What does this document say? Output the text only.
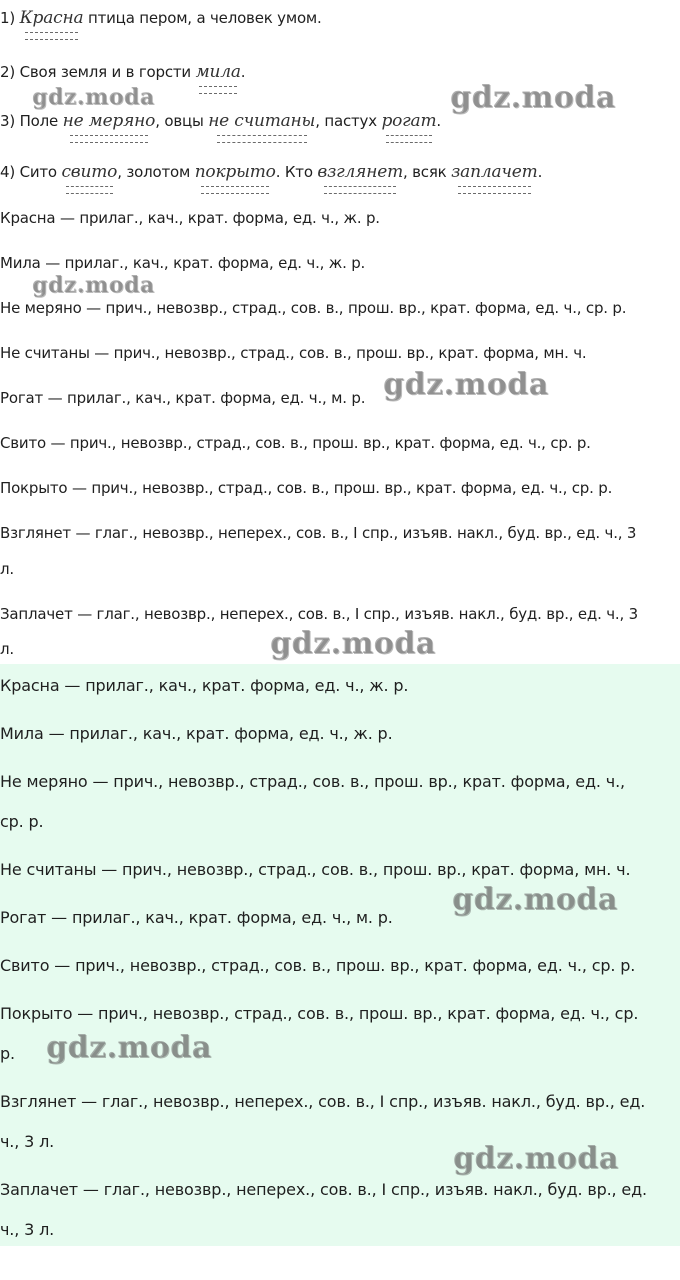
1) Красна птица пером, а человек умом.
2) Своя земля и в горсти мила.
3) Поле не меряно, овцы не считаны, пастух рогат.
4) Сито свито, золотом покрыто. Кто взглянет, всяк заплачет.
Красна — прилаг., кач., крат. форма, ед. ч., ж. р.
Мила — прилаг., кач., крат. форма, ед. ч., ж. р.
Не меряно — прич., невозвр., страд., сов. в., прош. вр., крат. форма, ед. ч., ср. р.
Не считаны — прич., невозвр., страд., сов. в., прош. вр., крат. форма, мн. ч.
Рогат — прилаг., кач., крат. форма, ед. ч., м. р.
Свито — прич., невозвр., страд., сов. в., прош. вр., крат. форма, ед. ч., ср. р.
Покрыто — прич., невозвр., страд., сов. в., прош. вр., крат. форма, ед. ч., ср. р.
Взглянет — глаг., невозвр., неперех., сов. в., I спр., изъяв. накл., буд. вр., ед. ч., 3
л.
Заплачет — глаг., невозвр., неперех., сов. в., I спр., изъяв. накл., буд. вр., ед. ч., 3
л.
Красна — прилаг., кач., крат. форма, ед. ч., ж. р.
Мила — прилаг., кач., крат. форма, ед. ч., ж. р.
Не меряно — прич., невозвр., страд., сов. в., прош. вр., крат. форма, ед. ч.,
ср. р.
Не считаны — прич., невозвр., страд., сов. в., прош. вр., крат. форма, мн. ч.
Рогат — прилаг., кач., крат. форма, ед. ч., м. р.
Свито — прич., невозвр., страд., сов. в., прош. вр., крат. форма, ед. ч., ср. р.
Покрыто — прич., невозвр., страд., сов. в., прош. вр., крат. форма, ед. ч., ср.
р.
Взглянет — глаг., невозвр., неперех., сов. в., I спр., изъяв. накл., буд. вр., ед.
ч., 3 л.
Заплачет — глаг., невозвр., неперех., сов. в., I спр., изъяв. накл., буд. вр., ед.
ч., 3 л.
gdz.moda	gdz.moda
gdz.moda
gdz.moda
gdz.moda
gdz.moda
gdz.moda
gdz.moda
